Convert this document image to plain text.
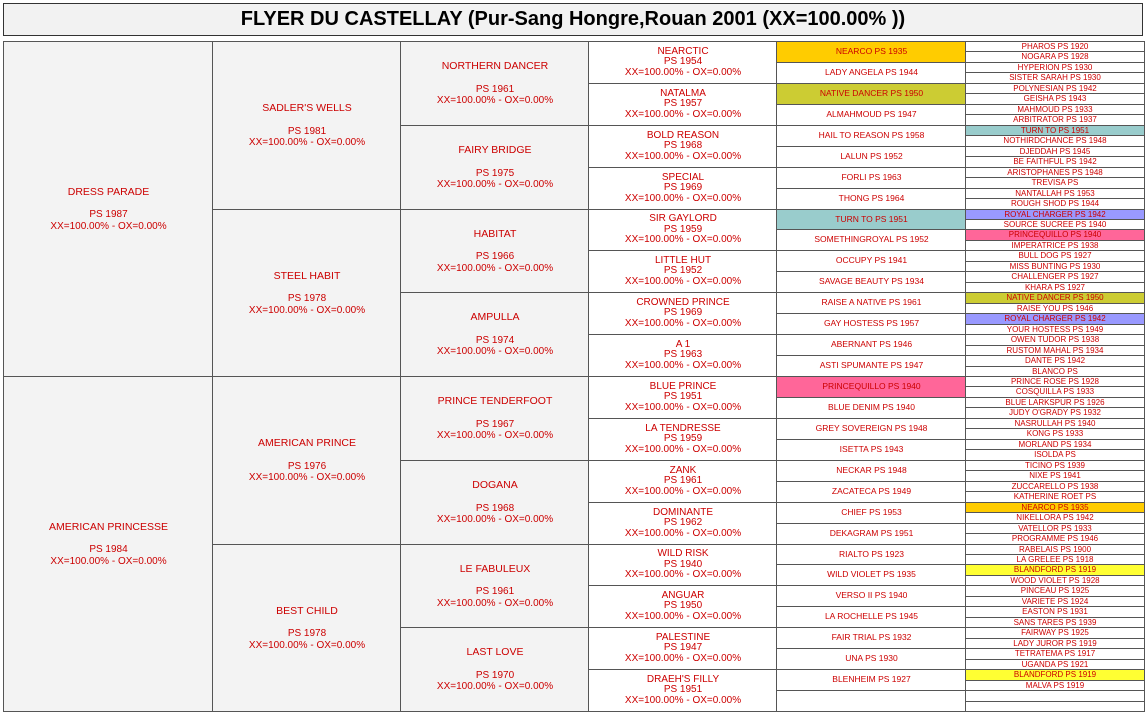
FLYER DU CASTELLAY (Pur-Sang Hongre,Rouan 2001 (XX=100.00% ))
DRESS PARADE
PS 1987
XX=100.00% - OX=0.00%
AMERICAN PRINCESSE
PS 1984
XX=100.00% - OX=0.00%
SADLER'S WELLS
PS 1981
XX=100.00% - OX=0.00%
STEEL HABIT
PS 1978
XX=100.00% - OX=0.00%
AMERICAN PRINCE
PS 1976
XX=100.00% - OX=0.00%
BEST CHILD
PS 1978
XX=100.00% - OX=0.00%
NORTHERN DANCER
PS 1961
XX=100.00% - OX=0.00%
FAIRY BRIDGE
PS 1975
XX=100.00% - OX=0.00%
HABITAT
PS 1966
XX=100.00% - OX=0.00%
AMPULLA
PS 1974
XX=100.00% - OX=0.00%
PRINCE TENDERFOOT
PS 1967
XX=100.00% - OX=0.00%
DOGANA
PS 1968
XX=100.00% - OX=0.00%
LE FABULEUX
PS 1961
XX=100.00% - OX=0.00%
LAST LOVE
PS 1970
XX=100.00% - OX=0.00%
NEARCTIC
PS 1954
XX=100.00% - OX=0.00%
NATALMA
PS 1957
XX=100.00% - OX=0.00%
BOLD REASON
PS 1968
XX=100.00% - OX=0.00%
SPECIAL
PS 1969
XX=100.00% - OX=0.00%
SIR GAYLORD
PS 1959
XX=100.00% - OX=0.00%
LITTLE HUT
PS 1952
XX=100.00% - OX=0.00%
CROWNED PRINCE
PS 1969
XX=100.00% - OX=0.00%
A 1
PS 1963
XX=100.00% - OX=0.00%
BLUE PRINCE
PS 1951
XX=100.00% - OX=0.00%
LA TENDRESSE
PS 1959
XX=100.00% - OX=0.00%
ZANK
PS 1961
XX=100.00% - OX=0.00%
DOMINANTE
PS 1962
XX=100.00% - OX=0.00%
WILD RISK
PS 1940
XX=100.00% - OX=0.00%
ANGUAR
PS 1950
XX=100.00% - OX=0.00%
PALESTINE
PS 1947
XX=100.00% - OX=0.00%
DRAEH'S FILLY
PS 1951
XX=100.00% - OX=0.00%
NEARCO PS 1935
LADY ANGELA PS 1944
NATIVE DANCER PS 1950
ALMAHMOUD PS 1947
HAIL TO REASON PS 1958
LALUN PS 1952
FORLI PS 1963
THONG PS 1964
TURN TO PS 1951
SOMETHINGROYAL PS 1952
OCCUPY PS 1941
SAVAGE BEAUTY PS 1934
RAISE A NATIVE PS 1961
GAY HOSTESS PS 1957
ABERNANT PS 1946
ASTI SPUMANTE PS 1947
PRINCEQUILLO PS 1940
BLUE DENIM PS 1940
GREY SOVEREIGN PS 1948
ISETTA PS 1943
NECKAR PS 1948
ZACATECA PS 1949
CHIEF PS 1953
DEKAGRAM PS 1951
RIALTO PS 1923
WILD VIOLET PS 1935
VERSO II PS 1940
LA ROCHELLE PS 1945
FAIR TRIAL PS 1932
UNA PS 1930
BLENHEIM PS 1927
PHAROS PS 1920
NOGARA PS 1928
HYPERION PS 1930
SISTER SARAH PS 1930
POLYNESIAN PS 1942
GEISHA PS 1943
MAHMOUD PS 1933
ARBITRATOR PS 1937
TURN TO PS 1951
NOTHIRDCHANCE PS 1948
DJEDDAH PS 1945
BE FAITHFUL PS 1942
ARISTOPHANES PS 1948
TREVISA PS
NANTALLAH PS 1953
ROUGH SHOD PS 1944
ROYAL CHARGER PS 1942
SOURCE SUCREE PS 1940
PRINCEQUILLO PS 1940
IMPERATRICE PS 1938
BULL DOG PS 1927
MISS BUNTING PS 1930
CHALLENGER PS 1927
KHARA PS 1927
NATIVE DANCER PS 1950
RAISE YOU PS 1946
ROYAL CHARGER PS 1942
YOUR HOSTESS PS 1949
OWEN TUDOR PS 1938
RUSTOM MAHAL PS 1934
DANTE PS 1942
BLANCO PS
PRINCE ROSE PS 1928
COSQUILLA PS 1933
BLUE LARKSPUR PS 1926
JUDY O'GRADY PS 1932
NASRULLAH PS 1940
KONG PS 1933
MORLAND PS 1934
ISOLDA PS
TICINO PS 1939
NIXE PS 1941
ZUCCARELLO PS 1938
KATHERINE ROET PS
NEARCO PS 1935
NIKELLORA PS 1942
VATELLOR PS 1933
PROGRAMME PS 1946
RABELAIS PS 1900
LA GRELEE PS 1918
BLANDFORD PS 1919
WOOD VIOLET PS 1928
PINCEAU PS 1925
VARIETE PS 1924
EASTON PS 1931
SANS TARES PS 1939
FAIRWAY PS 1925
LADY JUROR PS 1919
TETRATEMA PS 1917
UGANDA PS 1921
BLANDFORD PS 1919
MALVA PS 1919
